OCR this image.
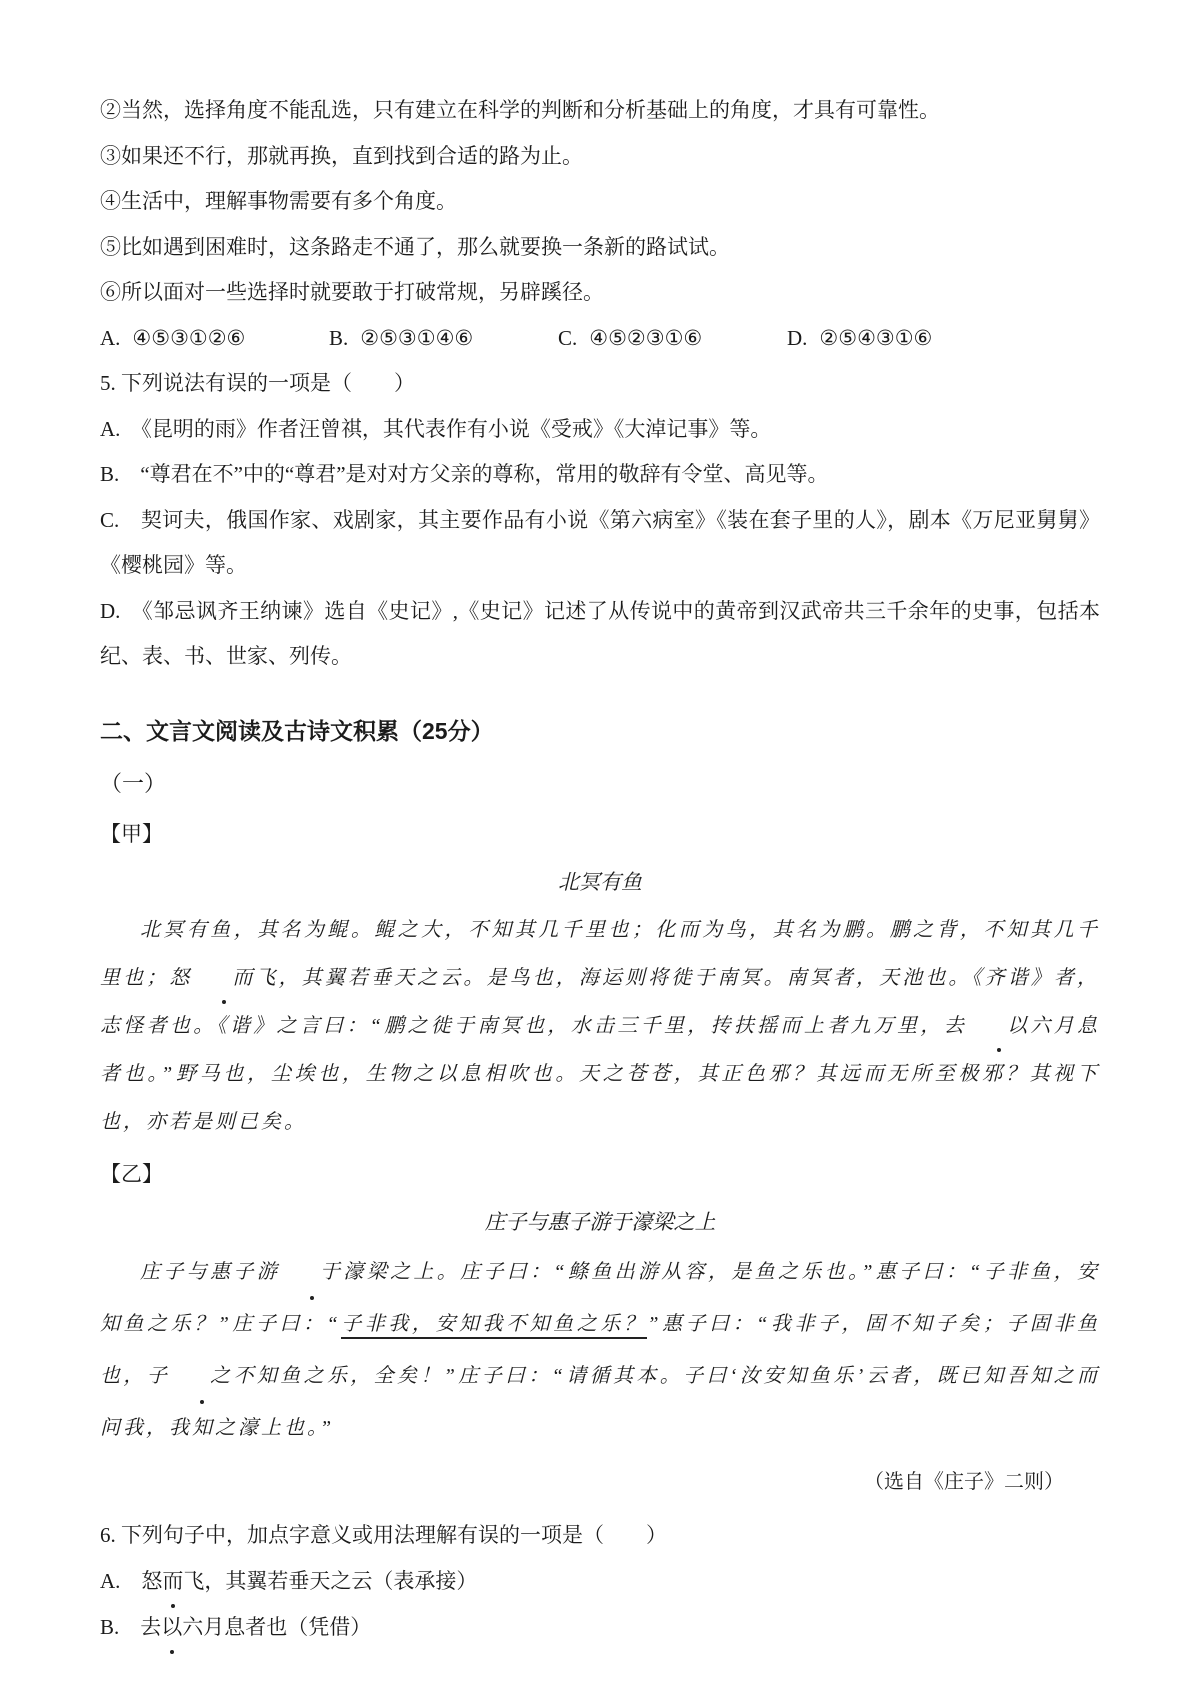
②当然，选择角度不能乱选，只有建立在科学的判断和分析基础上的角度，才具有可靠性。

③如果还不行，那就再换，直到找到合适的路为止。

④生活中，理解事物需要有多个角度。

⑤比如遇到困难时，这条路走不通了，那么就要换一条新的路试试。

⑥所以面对一些选择时就要敢于打破常规，另辟蹊径。

A. ④⑤③①②⑥	B. ②⑤③①④⑥	C. ④⑤②③①⑥	D. ②⑤④③①⑥

5. 下列说法有误的一项是（　　）

A.　《昆明的雨》作者汪曾祺，其代表作有小说《受戒》《大淖记事》等。

B.　“尊君在不”中的“尊君”是对对方父亲的尊称，常用的敬辞有令堂、高见等。

C.　契诃夫，俄国作家、戏剧家，其主要作品有小说《第六病室》《装在套子里的人》，剧本《万尼亚舅舅》《樱桃园》等。

D.　《邹忌讽齐王纳谏》选自《史记》,《史记》记述了从传说中的黄帝到汉武帝共三千余年的史事，包括本纪、表、书、世家、列传。

二、文言文阅读及古诗文积累（25分）

（一）

【甲】

北冥有鱼

北冥有鱼，其名为鲲。鲲之大，不知其几千里也；化而为鸟，其名为鹏。鹏之背，不知其几千里也；怒 而飞，其翼若垂天之云。是鸟也，海运则将徙于南冥。南冥者，天池也。《齐谐》者，志怪者也。《谐》之言曰：“鹏之徙于南冥也，水击三千里，抟扶摇而上者九万里，去 以六月息者也。”野马也，尘埃也，生物之以息相吹也。天之苍苍，其正色邪？其远而无所至极邪？其视下也，亦若是则已矣。

【乙】

庄子与惠子游于濠梁之上

庄子与惠子游 于濠梁之上。庄子曰：“鲦鱼出游从容，是鱼之乐也。”惠子曰：“子非鱼，安知鱼之乐？”庄子曰：“子非我，安知我不知鱼之乐？”惠子曰：“我非子，固不知子矣；子固非鱼也，子 之不知鱼之乐，全矣！”庄子曰：“请循其本。子曰‘汝安知鱼乐’云者，既已知吾知之而问我，我知之濠上也。”

（选自《庄子》二则）

6. 下列句子中，加点字意义或用法理解有误的一项是（　　）

A.　怒而飞，其翼若垂天之云（表承接）

B.　去以六月息者也（凭借）
